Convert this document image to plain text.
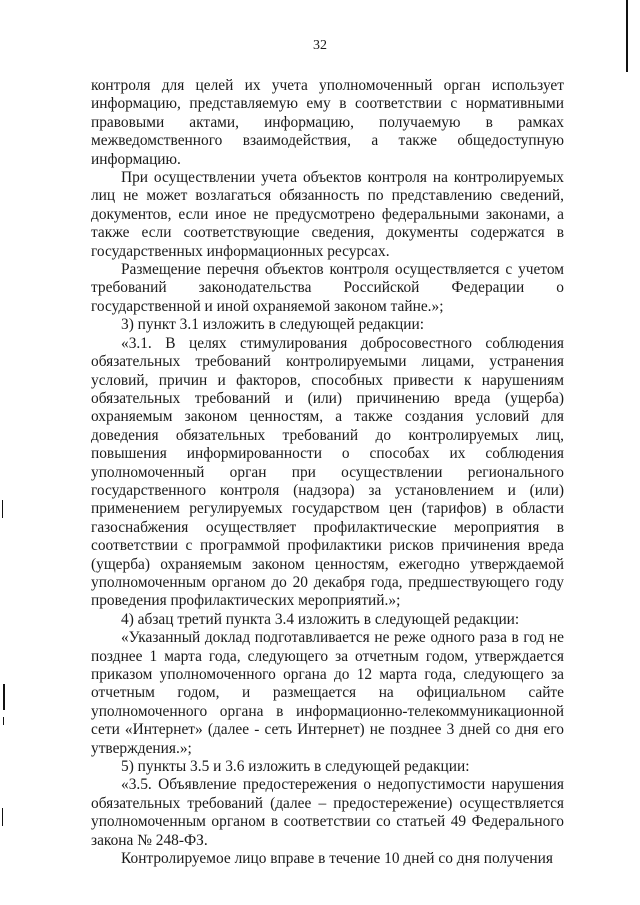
32

контроля для целей их учета уполномоченный орган использует информацию, представляемую ему в соответствии с нормативными правовыми актами, информацию, получаемую в рамках межведомственного взаимодействия, а также общедоступную информацию.

При осуществлении учета объектов контроля на контролируемых лиц не может возлагаться обязанность по представлению сведений, документов, если иное не предусмотрено федеральными законами, а также если соответствующие сведения, документы содержатся в государственных информационных ресурсах.

Размещение перечня объектов контроля осуществляется с учетом требований законодательства Российской Федерации о государственной и иной охраняемой законом тайне.»;

3) пункт 3.1 изложить в следующей редакции:

«3.1. В целях стимулирования добросовестного соблюдения обязательных требований контролируемыми лицами, устранения условий, причин и факторов, способных привести к нарушениям обязательных требований и (или) причинению вреда (ущерба) охраняемым законом ценностям, а также создания условий для доведения обязательных требований до контролируемых лиц, повышения информированности о способах их соблюдения уполномоченный орган при осуществлении регионального государственного контроля (надзора) за установлением и (или) применением регулируемых государством цен (тарифов) в области газоснабжения осуществляет профилактические мероприятия в соответствии с программой профилактики рисков причинения вреда (ущерба) охраняемым законом ценностям, ежегодно утверждаемой уполномоченным органом до 20 декабря года, предшествующего году проведения профилактических мероприятий.»;

4) абзац третий пункта 3.4 изложить в следующей редакции:

«Указанный доклад подготавливается не реже одного раза в год не позднее 1 марта года, следующего за отчетным годом, утверждается приказом уполномоченного органа до 12 марта года, следующего за отчетным годом, и размещается на официальном сайте уполномоченного органа в информационно-телекоммуникационной сети «Интернет» (далее - сеть Интернет) не позднее 3 дней со дня его утверждения.»;

5) пункты 3.5 и 3.6 изложить в следующей редакции:

«3.5. Объявление предостережения о недопустимости нарушения обязательных требований (далее – предостережение) осуществляется уполномоченным органом в соответствии со статьей 49 Федерального закона № 248-ФЗ.

Контролируемое лицо вправе в течение 10 дней со дня получения
